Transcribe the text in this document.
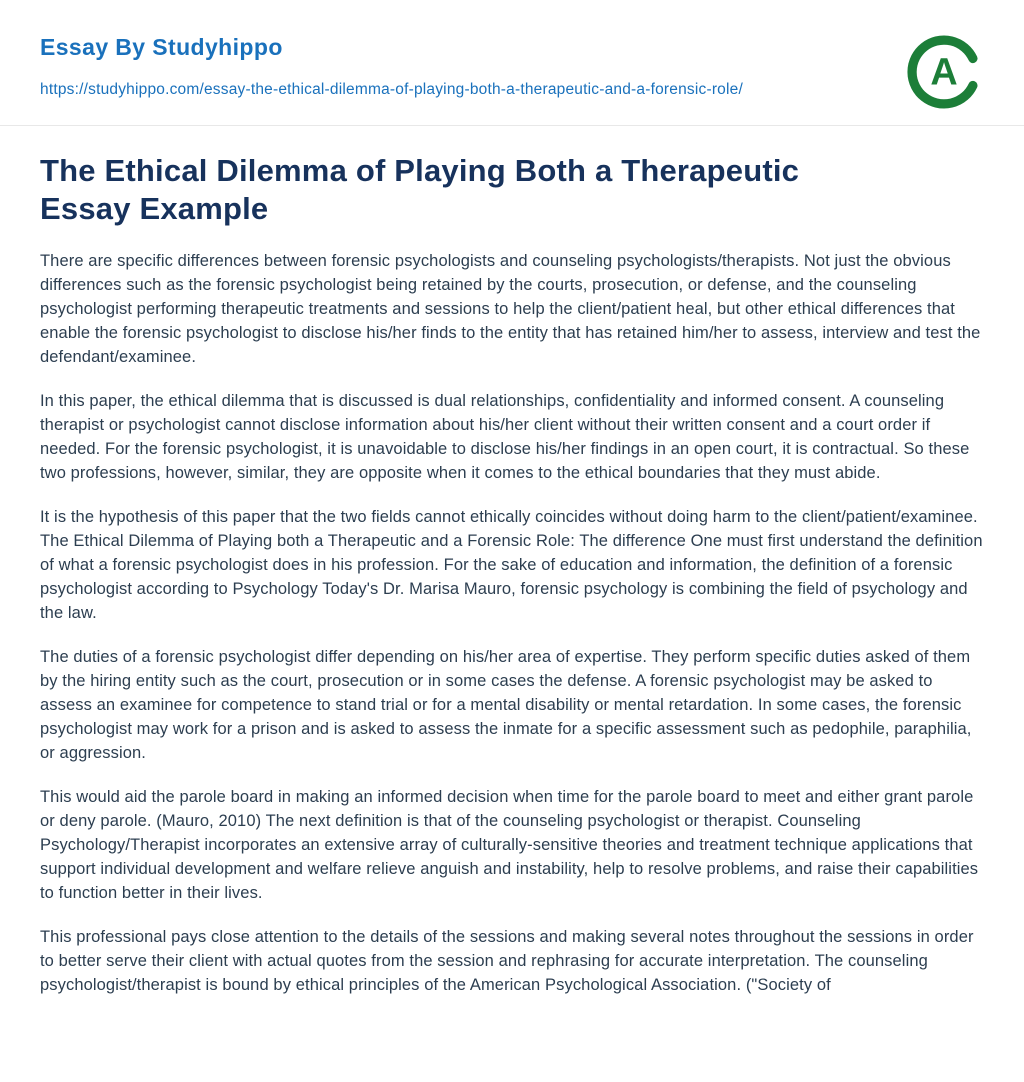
Essay By Studyhippo
https://studyhippo.com/essay-the-ethical-dilemma-of-playing-both-a-therapeutic-and-a-forensic-role/	A
The Ethical Dilemma of Playing Both a Therapeutic Essay Example

There are specific differences between forensic psychologists and counseling psychologists/therapists. Not just the obvious differences such as the forensic psychologist being retained by the courts, prosecution, or defense, and the counseling psychologist performing therapeutic treatments and sessions to help the client/patient heal, but other ethical differences that enable the forensic psychologist to disclose his/her finds to the entity that has retained him/her to assess, interview and test the defendant/examinee.

In this paper, the ethical dilemma that is discussed is dual relationships, confidentiality and informed consent. A counseling therapist or psychologist cannot disclose information about his/her client without their written consent and a court order if needed. For the forensic psychologist, it is unavoidable to disclose his/her findings in an open court, it is contractual. So these two professions, however, similar, they are opposite when it comes to the ethical boundaries that they must abide.

It is the hypothesis of this paper that the two fields cannot ethically coincides without doing harm to the client/patient/examinee. The Ethical Dilemma of Playing both a Therapeutic and a Forensic Role: The difference One must first understand the definition of what a forensic psychologist does in his profession. For the sake of education and information, the definition of a forensic psychologist according to Psychology Today's Dr. Marisa Mauro, forensic psychology is combining the field of psychology and the law.

The duties of a forensic psychologist differ depending on his/her area of expertise. They perform specific duties asked of them by the hiring entity such as the court, prosecution or in some cases the defense. A forensic psychologist may be asked to assess an examinee for competence to stand trial or for a mental disability or mental retardation. In some cases, the forensic psychologist may work for a prison and is asked to assess the inmate for a specific assessment such as pedophile, paraphilia, or aggression.

This would aid the parole board in making an informed decision when time for the parole board to meet and either grant parole or deny parole. (Mauro, 2010) The next definition is that of the counseling psychologist or therapist. Counseling Psychology/Therapist incorporates an extensive array of culturally-sensitive theories and treatment technique applications that support individual development and welfare relieve anguish and instability, help to resolve problems, and raise their capabilities to function better in their lives.

This professional pays close attention to the details of the sessions and making several notes throughout the sessions in order to better serve their client with actual quotes from the session and rephrasing for accurate interpretation. The counseling psychologist/therapist is bound by ethical principles of the American Psychological Association. ("Society of
